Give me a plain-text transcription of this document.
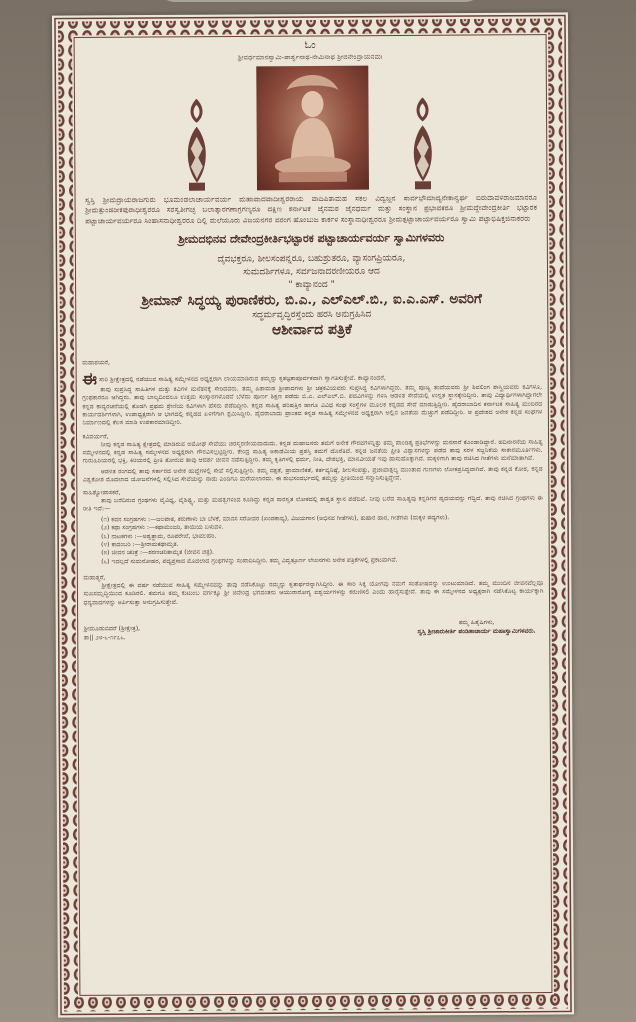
ಓಂ
ಶ್ರೀವರ್ಧಮಾನಸ್ವಾಮಿ-ಪಾರ್ಶ್ವನಾಥ-ನೇಮಿನಾಥ ಶ್ರೀಜಿನೇಂದ್ರಾಯನಮಃ
ಸ್ವಸ್ತಿ ಶ್ರೀಮದ್ರಾಯರಾಜಗುರು ಭೂಮಂಡಲಾಚಾರ್ಯವರ್ಯ ಮಹಾವಾದವಾದೀಶ್ವರರಾಯ ವಾದಿಪಿತಾಮಹ ಸಕಲ ವಿದ್ವಜ್ಜನ ಸಾರ್ವಭೌಮಾದ್ಯನೇಕಾನ್ವರ್ಥ ಬಿರುದಾವಳಿರಾಜಮಾನರೂ ಶ್ರೀಮತ್ಪುಂಡರೀಕಪುರಾಧೀಶ್ವರರೂ ಸರಸ್ವತೀಗಚ್ಛ ಬಲಾತ್ಕಾರಗಣಾಗ್ರಗಣ್ಯರೂ ದಕ್ಷಿಣ ಕರ್ನಾಟಕ ಜೈನಮಠ ಜೈನಧರ್ಮ ಮತ್ತು ಸಂಸ್ಥಾನ ಪ್ರಭಾವಕರೂ ಶ್ರೀಮದ್ದೇವೇಂದ್ರಕೀರ್ತಿ ಭಟ್ಟಾರಕ ಪಟ್ಟಾಚಾರ್ಯವರ್ಯರೂ ಸಿಂಹಾಸನಾಧೀಶ್ವರರೂ ದಿಲ್ಲಿ ಮಲೆಯೂರು ವಿಜಯನಗರ ವರಂಗ ಹೊಂಬುಜ ಕಾರ್ಕಳ ಸಂಸ್ಥಾನಾಧೀಶ್ವರರೂ ಶ್ರೀಮತ್ಪಟ್ಟಾಚಾರ್ಯವರ್ಯರೂ ಸ್ವಾಮಿ ಪಟ್ಟಾಭಿಷಿಕ್ತಜಿನಾಕರರು
ಶ್ರೀಮದಭಿನವ ದೇವೇಂದ್ರಕೀರ್ತಿಭಟ್ಟಾರಕ ಪಟ್ಟಾಚಾರ್ಯವರ್ಯ ಸ್ವಾಮಿಗಳವರು
ದೈವಭಕ್ತರೂ, ಶೀಲಸಂಪನ್ನರೂ, ಬಹುಶ್ರುತರೂ, ವ್ಯಾಸಂಗಪ್ರಿಯರೂ,
ಸುಮದರ್ಶಿಗಳೂ, ಸರ್ವಜನಾದರಣೀಯರೂ ಆದ
" ಕಾವ್ಯಾನಂದ "
ಶ್ರೀಮಾನ್ ಸಿದ್ಧಯ್ಯ ಪುರಾಣಿಕರು, ಬಿ.ಎ., ಎಲ್‌ಎಲ್.ಬಿ., ಐ.ಎ.ಎಸ್. ಅವರಿಗೆ
ಸದ್ಧರ್ಮವೃದ್ಧಿರಸ್ತೆಂದು ಹರಸಿ ಅನುಗ್ರಹಿಸಿದ
ಆಶೀರ್ವಾದ ಪತ್ರಿಕೆ
ಮಹಾಶಯರೆ,
ಈಸಾರಿ ಶ್ರೀಕ್ಷೇತ್ರದಲ್ಲಿ ನಡೆಯುವ ಸಾಹಿತ್ಯ ಸಮ್ಮೇಳನದ ಅಧ್ಯಕ್ಷರಾಗಿ ಲಾಯಮಾಡಿರುವ ತಮ್ಮನ್ನು ಕೃತಜ್ಞತಾಪೂರ್ವಕವಾಗಿ ಸ್ವಾಗತಿಸುತ್ತೇವೆ. ಕಾವ್ಯಾನಂದರೆ,
ತಾವು ಸುಪ್ರಸಿದ್ಧ ಸಾಹಿತಿಗಳ ಮತ್ತು ಕವಿಗಳ ಮನೆತನಕ್ಕೆ ಸೇರಿದವರು. ತಮ್ಮ ಪಿತಾಮಹ ಶ್ರೀಪಾದಗಳು ಶ್ರೀ ಚಕ್ರಕವಿಯವರು ಸುಪ್ರಸಿದ್ಧ ಕವಿಗಳಾಗಿದ್ದರು. ತಮ್ಮ ಪೂಜ್ಯ ತಂದೆಯವರು ಶ್ರೀ ಶಿವಲಿಂಗ ಶಾಸ್ತ್ರಿಯವರು ಕವಿಗಳೂ, ಗ್ರಂಥಕಾರರೂ ಆಗಿದ್ದರು. ತಾವು ಬಾಲ್ಯದಿಂದಲೂ ಉತ್ತಮ ಸಂಸ್ಕಾರಗಳೊಡನೆ ಬೆಳೆದು ಪೂರ್ಣ ಶಿಕ್ಷಣ ಪಡೆದು ಬಿ.ಎ. ಎಲ್‌ಎಲ್.ಬಿ. ಪದವಿಗಳನ್ನು ಗಳಿಸಿ ಆಡಳಿತ ಸೇವೆಯಲ್ಲಿ ಉನ್ನತ ಸ್ಥಾನಕ್ಕೇರಿದ್ದೀರಿ. ತಾವು ವಿದ್ಯಾರ್ಥಿಗಳಾಗಿದ್ದಾಗಲೇ ಕನ್ನಡ ಕಾವ್ಯರಚನೆಯಲ್ಲಿ ತೊಡಗಿ ಪ್ರಥಮ ಶ್ರೇಣಿಯ ಕವಿಗಳಾಗಿ ಹೆಸರು ಪಡೆದಿದ್ದೀರಿ. ಕನ್ನಡ ಸಾಹಿತ್ಯ ಪರಿಷತ್ತಿನ ಹಾಗೂ ವಿವಿಧ ಸಂಘ ಸಂಸ್ಥೆಗಳ ಮೂಲಕ ಕನ್ನಡದ ಸೇವೆ ಮಾಡುತ್ತಿದ್ದೀರಿ. ಹೈದರಾಬಾದಿನ ಕರ್ನಾಟಕ ಸಾಹಿತ್ಯ ಮಂದಿರದ ಕಾರ್ಯದರ್ಶಿಗಳಾಗಿ, ಉಪಾಧ್ಯಕ್ಷರಾಗಿ ಆ ಭಾಗದಲ್ಲಿ ಕನ್ನಡದ ಏಳಿಗೆಗಾಗಿ ಶ್ರಮಿಸಿದ್ದೀರಿ. ಹೈದರಾಬಾದು ಪ್ರಾಂತದ ಕನ್ನಡ ಸಾಹಿತ್ಯ ಸಮ್ಮೇಳನದ ಅಧ್ಯಕ್ಷರಾಗಿ ಅಲ್ಲಿನ ಜನತೆಯ ಮೆಚ್ಚುಗೆ ಪಡೆದಿದ್ದೀರಿ. ಆ ಪ್ರದೇಶದ ಅನೇಕ ಕನ್ನಡ ಸಂಘಗಳ ನಿರ್ಮಾಣದಲ್ಲಿ ಕೆಲಸ ಮಾಡಿ ಉಪಕಾರಮಾಡಿದ್ದೀರಿ.
ಕವಿವರ್ಯರೆ,
ನೀವು ಕನ್ನಡ ಸಾಹಿತ್ಯ ಕ್ಷೇತ್ರದಲ್ಲಿ ಮಾಡಿರುವ ಅಮೋಘ ಸೇವೆಯು ಚಿರಸ್ಮರಣೀಯವಾದುದು. ಕನ್ನಡ ಮಹಾಜನರು ತಮಗೆ ಅನೇಕ ಗೌರವಗಳನ್ನಿತ್ತು ತಮ್ಮ ಪಾಂಡಿತ್ಯ ಪ್ರತಿಭೆಗಳನ್ನು ಮನಸಾರೆ ಕೊಂಡಾಡಿದ್ದಾರೆ. ಹದಿನಾರನೆಯ ಸಾಹಿತ್ಯ ಸಮ್ಮೇಳನದಲ್ಲಿ ಕನ್ನಡ ಸಾಹಿತ್ಯ ಸಮ್ಮೇಳನದ ಅಧ್ಯಕ್ಷರಾಗಿ ಗೌರವಿಸಲ್ಪಟ್ಟಿದ್ದೀರಿ. ಕೇಂದ್ರ ಸಾಹಿತ್ಯ ಅಕಾಡೆಮಿಯ ಪ್ರಶಸ್ತಿ ತಮಗೆ ದೊರೆತಿದೆ. ಕನ್ನಡ ಜನತೆಯ ಪ್ರೀತಿ ವಿಶ್ವಾಸಗಳನ್ನು ಪಡೆದ ತಾವು ಸರಳ ಸಜ್ಜನಿಕೆಯ ಸಾಕಾರಮೂರ್ತಿಗಳು. ಗುರುಹಿರಿಯರಲ್ಲಿ ಭಕ್ತಿ, ಕಿರಿಯರಲ್ಲಿ ಪ್ರೀತಿ ತೋರುವ ತಾವು ಆದರ್ಶ ಜೀವನ ನಡೆಸುತ್ತಿದ್ದೀರಿ. ತಮ್ಮ ಕೃತಿಗಳಲ್ಲಿ ಧರ್ಮ, ನೀತಿ, ದೇಶಭಕ್ತಿ, ಮಾನವೀಯತೆ ಇವು ಹಾಸುಹೊಕ್ಕಾಗಿವೆ. ಮಕ್ಕಳಿಗಾಗಿ ತಾವು ರಚಿಸಿದ ಗೀತೆಗಳು ಮನೆಮಾತಾಗಿವೆ.
ಆಡಳಿತ ರಂಗದಲ್ಲಿ ತಾವು ಸರ್ಕಾರದ ಅನೇಕ ಹುದ್ದೆಗಳಲ್ಲಿ ಸೇವೆ ಸಲ್ಲಿಸುತ್ತಿದ್ದೀರಿ. ತಮ್ಮ ದಕ್ಷತೆ, ಪ್ರಾಮಾಣಿಕತೆ, ಕರ್ತವ್ಯನಿಷ್ಠೆ, ಶೀಲಸಂಪತ್ತು, ಪ್ರಜಾವಾತ್ಸಲ್ಯ ಮುಂತಾದ ಗುಣಗಳು ಲೋಕಪ್ರಸಿದ್ಧವಾಗಿವೆ. ತಾವು ಕನ್ನಡ ಕೋಶ, ಕನ್ನಡ ವಿಶ್ವಕೋಶ ಮೊದಲಾದ ಯೋಜನೆಗಳಲ್ಲಿ ಸಲ್ಲಿಸಿದ ಸೇವೆಯನ್ನು ನಾಡು ಎಂದಿಗೂ ಮರೆಯಲಾರದು. ಈ ಶುಭಸಂದರ್ಭದಲ್ಲಿ ತಮ್ಮನ್ನು ಪ್ರೀತಿಯಿಂದ ಸನ್ಮಾನಿಸುತ್ತಿದ್ದೇವೆ.
ಸಾಹಿತ್ಯೋಪಾಸಕರೆ,
ತಾವು ಬರೆದಿರುವ ಗ್ರಂಥಗಳು ವೈವಿಧ್ಯ, ವೈಶಿಷ್ಟ್ಯ, ಮತ್ತು ಮಹತ್ವಗಳಿಂದ ಕೂಡಿದ್ದು ಕನ್ನಡ ಸಾರಸ್ವತ ಲೋಕದಲ್ಲಿ ಶಾಶ್ವತ ಸ್ಥಾನ ಪಡೆದಿವೆ. ನೀವು ಬರೆದ ಸಾಹಿತ್ಯವು ಕನ್ನಡಿಗರ ಹೃದಯವನ್ನು ಗೆದ್ದಿದೆ. ತಾವು ರಚಿಸಿದ ಗ್ರಂಥಗಳು ಈ ರೀತಿ ಇವೆ:—
(೧) ಕವನ ಸಂಗ್ರಹಗಳು :—ಜಲಪಾತ, ಕರುಣಾಳು ಬಾ ಬೆಳಕೆ, ಮಾನಸ ಸರೋವರ (ಖಂಡಕಾವ್ಯ), ವಿಜಯಗಾನ (ಅಭಿನವ ಗೀತೆಗಳು), ತುಷಾರ ಹಾರ, ಗೀತೆಗಳು (ಮಕ್ಕಳ ಪದ್ಯಗಳು).
(೨) ಕಥಾ ಸಂಗ್ರಹಗಳು :—ಕಥಾಮಂಜರಿ, ತಾಯಿಯ ಬಳುವಳಿ.
(೩) ನಾಟಕಗಳು :—ಅಶ್ವತ್ಥಾಮ, ರೂಪರೇಖೆ, ಭಾವಲಹರಿ.
(೪) ಕಾದಂಬರಿ :—ಶ್ರೀರಾಮಕಥಾಮೃತ.
(೫) ಜೀವನ ಚರಿತ್ರೆ :—ಶರಣಚರಿತಾಮೃತ (ಜೀವನ ಚಿತ್ರ).
(೬) ಇವಲ್ಲದೆ ಸುಮನೋಹರ, ಪದ್ಯಪ್ರಸಾದ ಮೊದಲಾದ ಗ್ರಂಥಗಳನ್ನು ಸಂಪಾದಿಸಿದ್ದೀರಿ. ತಮ್ಮ ವಿದ್ವತ್ಪೂರ್ಣ ಲೇಖನಗಳು ಅನೇಕ ಪತ್ರಿಕೆಗಳಲ್ಲಿ ಪ್ರಕಟವಾಗಿವೆ.
ಮಹಾತ್ಮರೆ,
ಶ್ರೀಕ್ಷೇತ್ರದಲ್ಲಿ ಈ ವರ್ಷ ನಡೆಯುವ ಸಾಹಿತ್ಯ ಸಮ್ಮೇಳನವನ್ನು ತಾವು ನಡೆಸಿಕೊಟ್ಟು ನಮ್ಮನ್ನು ಕೃತಾರ್ಥರನ್ನಾಗಿಸಿದ್ದೀರಿ. ಈ ಸಾರಿ ಸಿಕ್ಕ ಯೋಗವು ನಮಗೆ ಸಂತೋಷವನ್ನು ಉಂಟುಮಾಡಿದೆ. ತಮ್ಮ ಮುಂದಿನ ಜೀವನವೆಲ್ಲವೂ ಸುಖಸಮೃದ್ಧಿಯಿಂದ ಕೂಡಿರಲಿ. ತಮಗೂ ತಮ್ಮ ಕುಟುಂಬ ವರ್ಗಕ್ಕೂ ಶ್ರೀ ಜಿನೇಂದ್ರ ಭಗವಂತನು ಆಯುರಾರೋಗ್ಯ ಐಶ್ವರ್ಯಗಳನ್ನು ಕರುಣಿಸಲಿ ಎಂದು ಹಾರೈಸುತ್ತೇವೆ. ತಾವು ಈ ಸಮ್ಮೇಳನದ ಅಧ್ಯಕ್ಷರಾಗಿ ನಡೆಸಿಕೊಟ್ಟ ಕಾರ್ಯಕ್ಕಾಗಿ ಧನ್ಯವಾದಗಳನ್ನು ಅರ್ಪಿಸುತ್ತಾ ಅನುಗ್ರಹಿಸುತ್ತೇವೆ.
ಶ್ರೀಮೂಡುಬಿದರೆ (ಶ್ರೀಕ್ಷೇತ್ರ),
ತಾ|| ೨೮-೬-೧೯೭೬.
ತಮ್ಮ ಹಿತೈಷಿಗಳು,
ಸ್ವಸ್ತಿ ಶ್ರೀಚಾರುಕೀರ್ತಿ ಪಂಡಿತಾಚಾರ್ಯ ಮಹಾಸ್ವಾಮಿಗಳವರು.
